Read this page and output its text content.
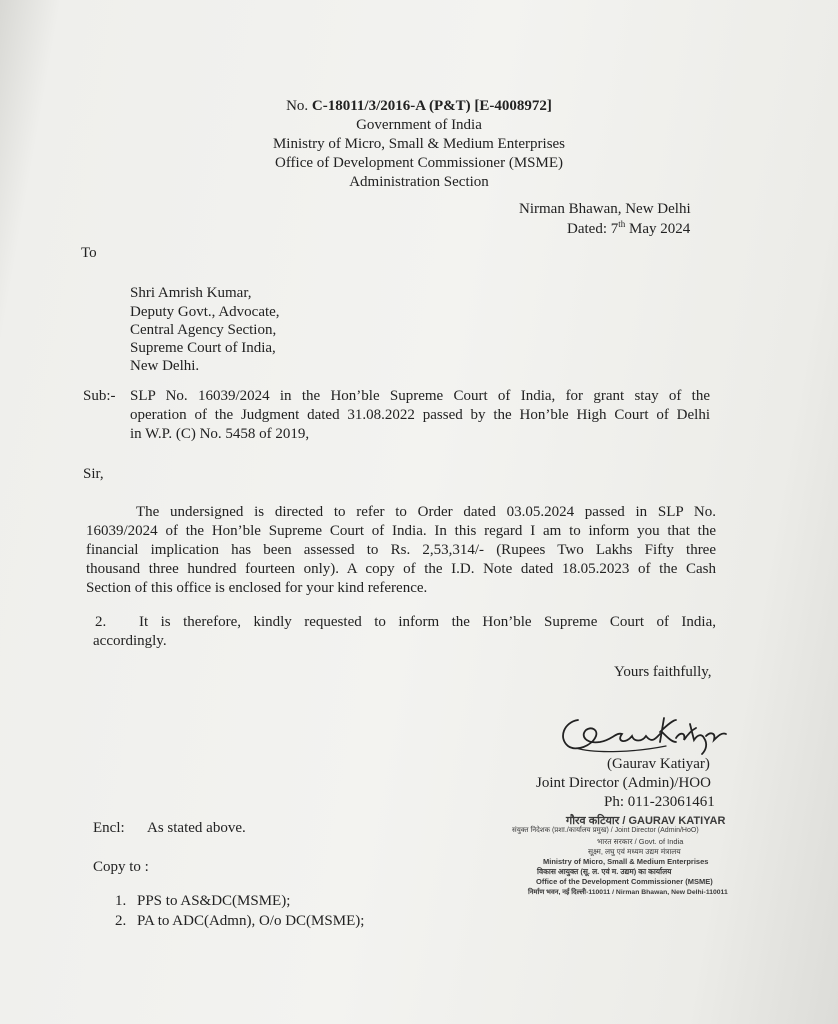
No. C-18011/3/2016-A (P&T) [E-4008972]
Government of India
Ministry of Micro, Small & Medium Enterprises
Office of Development Commissioner (MSME)
Administration Section
Nirman Bhawan, New Delhi
Dated: 7th May 2024
To
Shri Amrish Kumar,
Deputy Govt., Advocate,
Central Agency Section,
Supreme Court of India,
New Delhi.
Sub:- SLP No. 16039/2024 in the Hon’ble Supreme Court of India, for grant stay of the
operation of the Judgment dated 31.08.2022 passed by the Hon’ble High Court of Delhi
in W.P. (C) No. 5458 of 2019,
Sir,
The undersigned is directed to refer to Order dated 03.05.2024 passed in SLP No.
16039/2024 of the Hon’ble Supreme Court of India. In this regard I am to inform you that the
financial implication has been assessed to Rs. 2,53,314/- (Rupees Two Lakhs Fifty three
thousand three hundred fourteen only). A copy of the I.D. Note dated 18.05.2023 of the Cash
Section of this office is enclosed for your kind reference.
2. It is therefore, kindly requested to inform the Hon’ble Supreme Court of India,
accordingly.
Yours faithfully,
(Gaurav Katiyar)
Joint Director (Admin)/HOO
Ph: 011-23061461
गौरव कटियार / GAURAV KATIYAR
संयुक्त निदेशक (प्रशा./कार्यालय प्रमुख) / Joint Director (Admin/HoO)
भारत सरकार / Govt. of India
सूक्ष्म, लघु एवं मध्यम उद्यम मंत्रालय
Ministry of Micro, Small & Medium Enterprises
विकास आयुक्त (सू. ल. एवं म. उद्यम) का कार्यालय
Office of the Development Commissioner (MSME)
निर्माण भवन, नई दिल्ली-110011 / Nirman Bhawan, New Delhi-110011
Encl: As stated above.
Copy to :
1. PPS to AS&DC(MSME);
2. PA to ADC(Admn), O/o DC(MSME);
